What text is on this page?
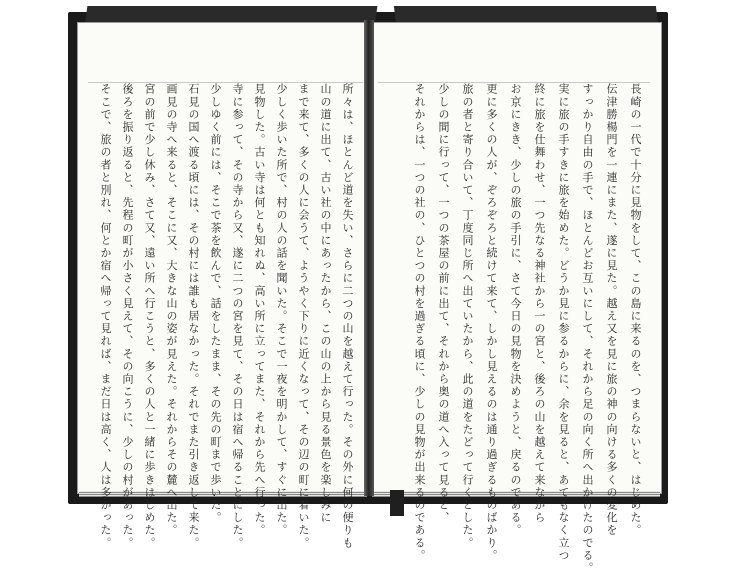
長崎の一代で十分に見物をして、この島に来るのを、つまらないと、はじめた。
伝津勝楊門を一連にまた、遂に見た。越え又を見に旅の神の向ける多くの変化を
すっかり自由の手で、ほとんどお互いにして、それから足の向く所へ出かけたのでる。
実に旅の手すきに旅を始めた。どうか見に参るからに、余を見ると、あてもなく立つ
終に旅を仕舞わせ、一つ先なる神社から一の宮と、後ろの山を越えて来ながら
お京にきき、少しの旅の手引に、さて今日の見物を決めようと、戻るのである。
更に多くの人が、ぞろぞろと続けて来て、しかし見えるのは通り過ぎるものばかり。
旅の者と寄り合いて、丁度同じ所へ出ていたから、此の道をたどって行くとした。
少しの間に行って、一つの茶屋の前に出て、それから奥の道へ入って見ると、
それからは、一つの社の、ひとつの村を過ぎる頃に、少しの見物が出来るのである。
所々は、ほとんど道を失い、さらに二つの山を越えて行った。その外に何の便りも
山の道に出て、古い社の中にあったから、この山の上から見る景色を楽しみに
まで来て、多くの人に会うて、ようやく下りに近くなって、その辺の町に着いた。
少しく歩いた所で、村の人の話を聞いた。そこで一夜を明かして、すぐに出た。
見物した。古い寺は何とも知れぬ、高い所に立ってまた、それから先へ行った。
寺に参って、その寺から又、遂に二つの宮を見て、その日は宿へ帰ることにした。
少しゆく前には、そこで茶を飲んで、話をしたまま、その先の町まで歩いた。
石見の国へ渡る頃には、その村には誰も居なかった。それでまた引き返して来た。
画見の寺へ来ると、そこに又、大きな山の姿が見えた。それからその麓へ出た。
宮の前で少し休み、さて又、遠い所へ行こうと、多くの人と一緒に歩きはじめた。
後ろを振り返ると、先程の町が小さく見えて、その向こうに、少しの村があった。
そこで、旅の者と別れ、何とか宿へ帰って見れば、まだ日は高く、人は多かった。
